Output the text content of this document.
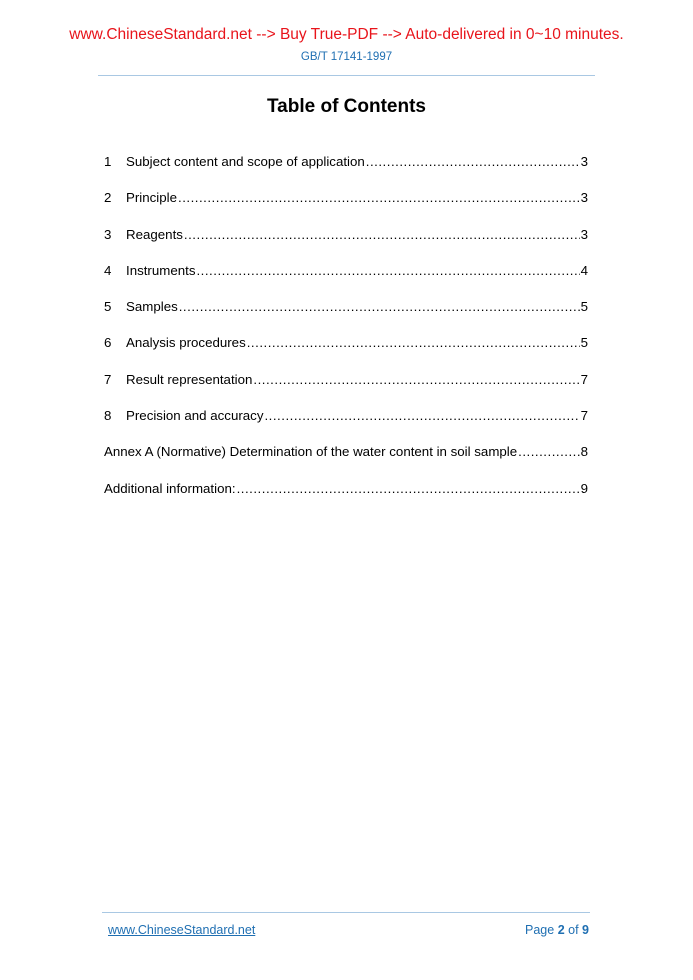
www.ChineseStandard.net --> Buy True-PDF --> Auto-delivered in 0~10 minutes.
GB/T 17141-1997
Table of Contents
1	Subject content and scope of application .....	3
2	Principle .....	3
3	Reagents .....	3
4	Instruments .....	4
5	Samples .....	5
6	Analysis procedures .....	5
7	Result representation .....	7
8	Precision and accuracy .....	7
Annex A (Normative) Determination of the water content in soil sample .....	8
Additional information: .....	9
www.ChineseStandard.net	Page 2 of 9
